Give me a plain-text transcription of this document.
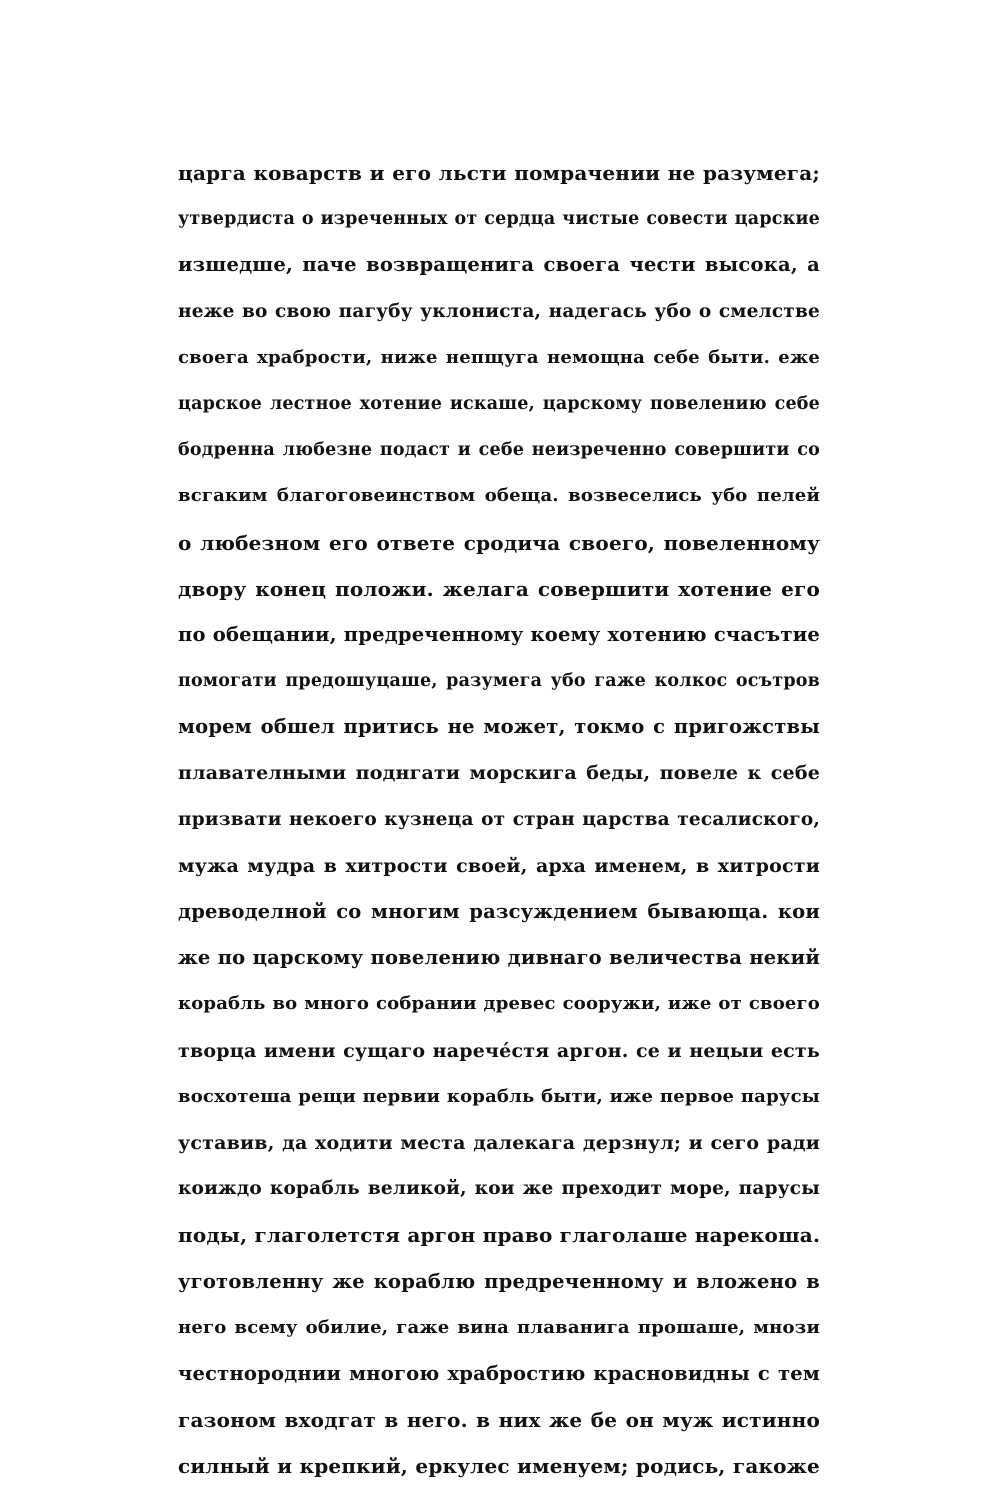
царга коварств и его льсти помрачении не разумега;
утвердиста о изреченных от сердца чистые совести царские
изшедше, паче возвращенига своега чести высока, а
неже во свою пагубу уклониста, надегась убо о смелстве
своега храбрости, ниже непщуга немощна себе быти. еже
царское лестное хотение искаше, царскому повелению себе
бодренна любезне подаст и себе неизреченно совершити со
всгаким благоговеинством обеща. возвеселись убо пелей
о любезном его ответе сродича своего, повеленному
двору конец положи. желага совершити хотение его
по обещании, предреченному коему хотению счасътие
помогати предошуцаше, разумега убо гаже колкос осътров
морем обшел притись не может, токмо с пригожствы
плавателными поднгати морскига беды, повеле к себе
призвати некоего кузнеца от стран царства тесалиского,
мужа мудра в хитрости своей, арха именем, в хитрости
древоделной со многим разсуждением бывающа. кои
же по царскому повелению дивнаго величества некий
корабль во много собрании древес сооружи, иже от своего
творца имени сущаго нарече́стя аргон. се и нецыи есть
восхотеша рещи первии корабль быти, иже первое парусы
уставив, да ходити места далекага дерзнул; и сего ради
коиждо корабль великой, кои же преходит море, парусы
поды, глаголетстя аргон право глаголаше нарекоша.
уготовленну же кораблю предреченному и вложено в
него всему обилие, гаже вина плаванига прошаше, мнози
честнороднии многою храбростию красновидны с тем
газоном входгат в него. в них же бе он муж истинно
силный и крепкий, еркулес именуем; родись, гакоже
